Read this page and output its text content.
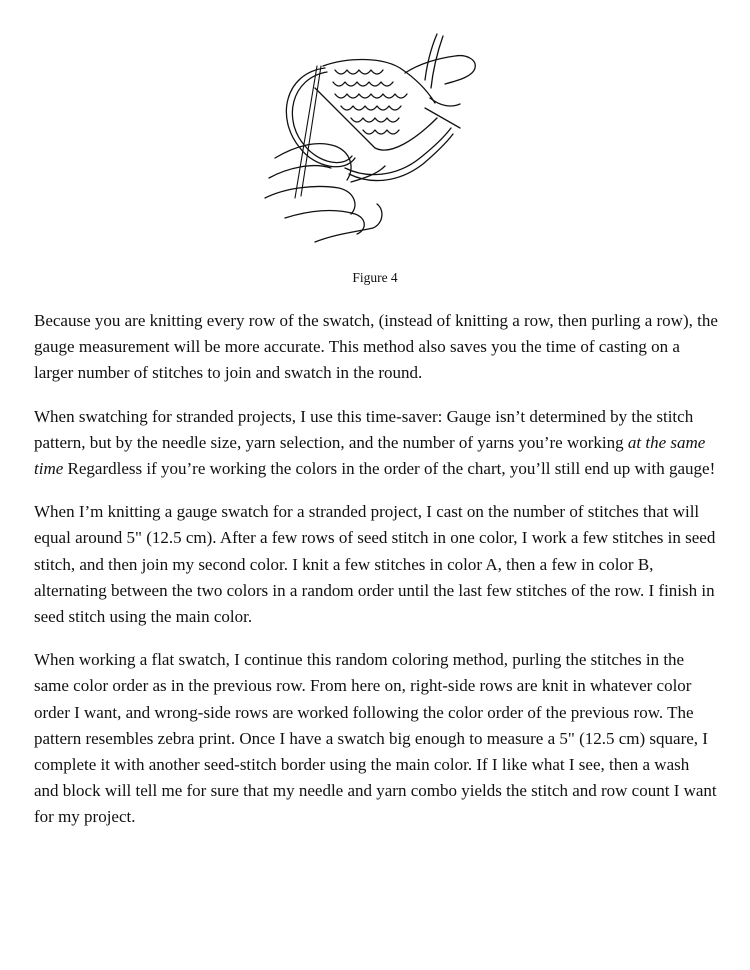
Figure 4

Because you are knitting every row of the swatch, (instead of knitting a row, then purling a row), the gauge measurement will be more accurate. This method also saves you the time of casting on a larger number of stitches to join and swatch in the round.

When swatching for stranded projects, I use this time-saver: Gauge isn’t determined by the stitch pattern, but by the needle size, yarn selection, and the number of yarns you’re working at the same time Regardless if you’re working the colors in the order of the chart, you’ll still end up with gauge!

When I’m knitting a gauge swatch for a stranded project, I cast on the number of stitches that will equal around 5" (12.5 cm). After a few rows of seed stitch in one color, I work a few stitches in seed stitch, and then join my second color. I knit a few stitches in color A, then a few in color B, alternating between the two colors in a random order until the last few stitches of the row. I finish in seed stitch using the main color.

When working a flat swatch, I continue this random coloring method, purling the stitches in the same color order as in the previous row. From here on, right-side rows are knit in whatever color order I want, and wrong-side rows are worked following the color order of the previous row. The pattern resembles zebra print. Once I have a swatch big enough to measure a 5" (12.5 cm) square, I complete it with another seed-stitch border using the main color. If I like what I see, then a wash and block will tell me for sure that my needle and yarn combo yields the stitch and row count I want for my project.
